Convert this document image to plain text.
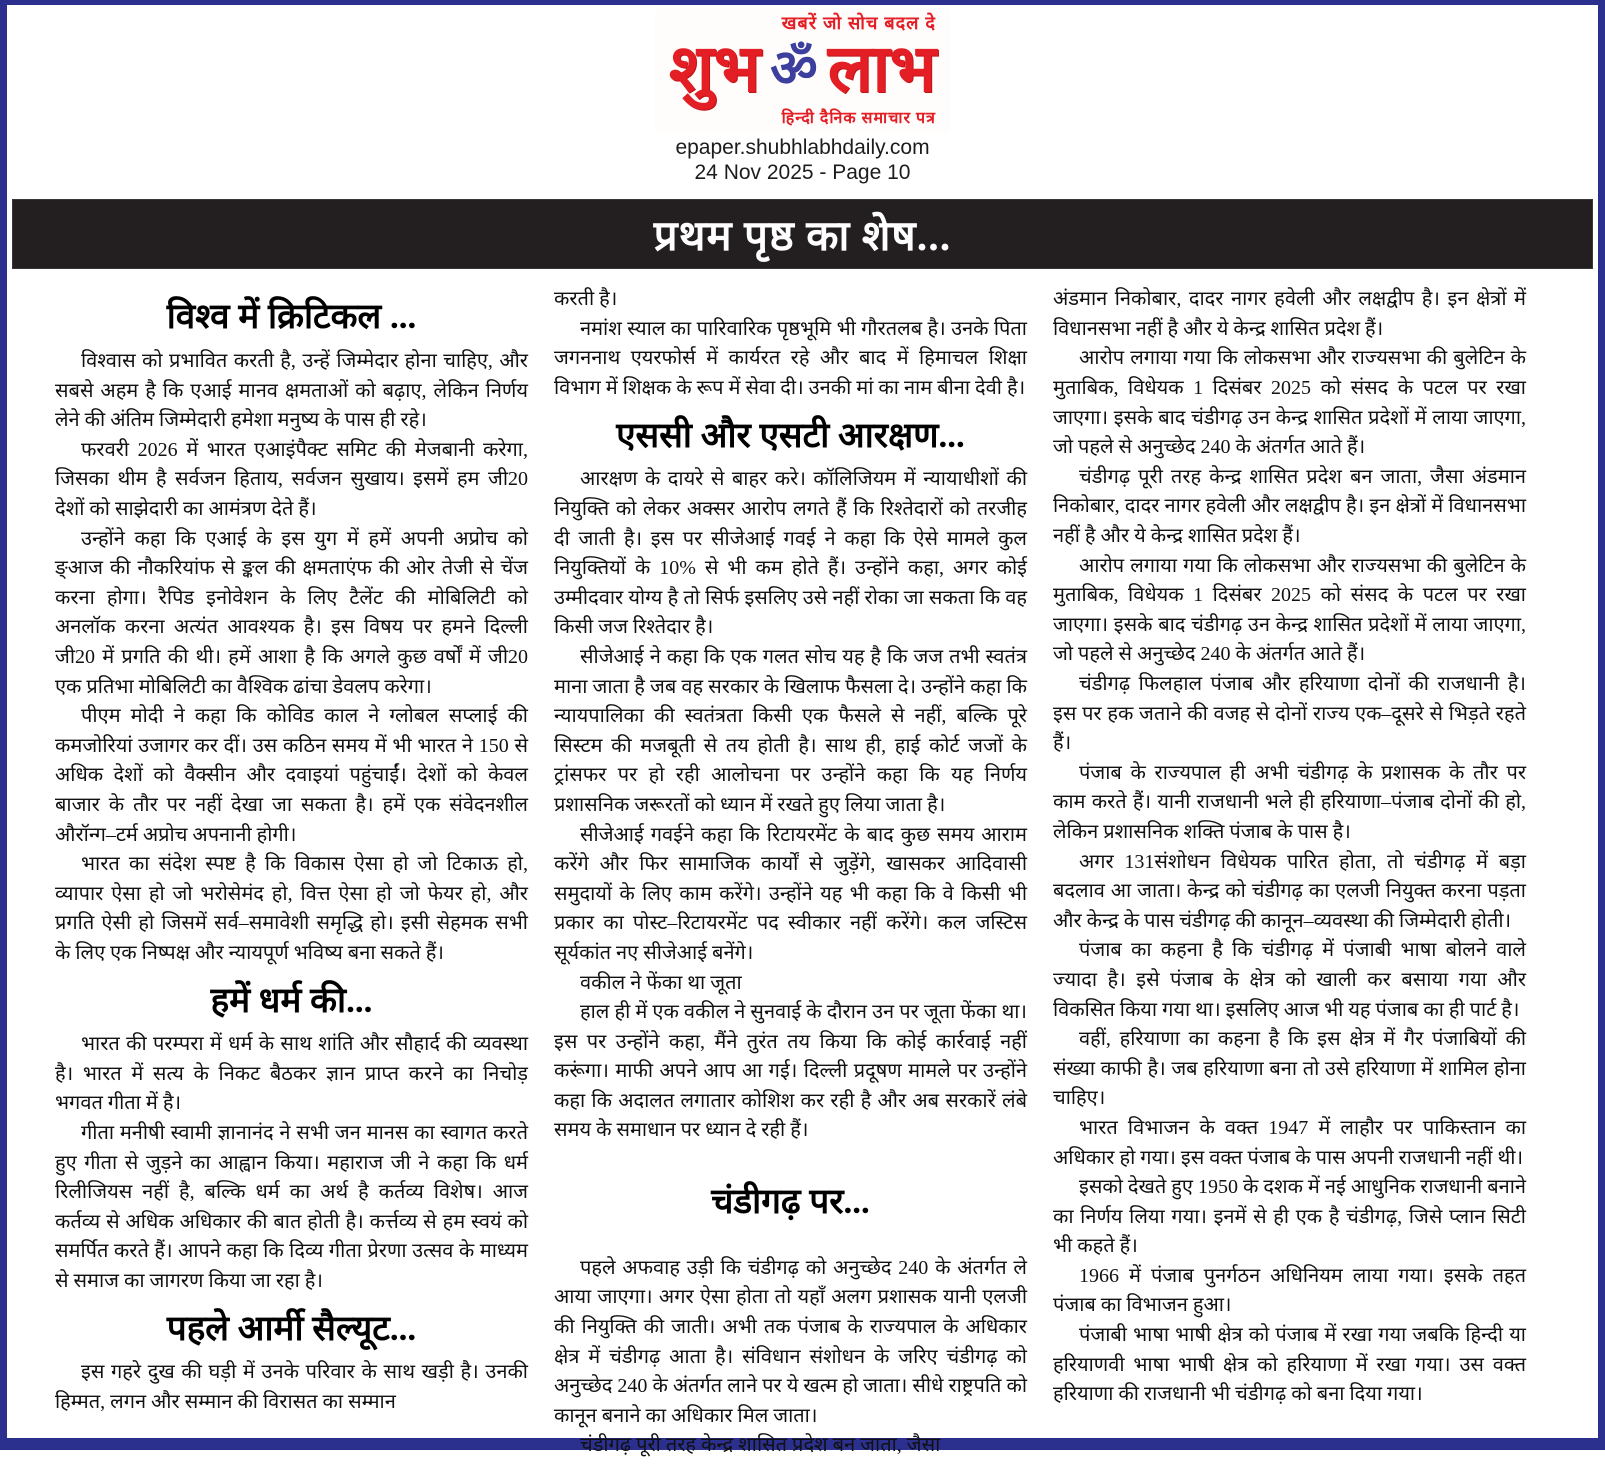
खबरें जो सोच बदल दे
शुभ ॐ लाभ
हिन्दी दैनिक समाचार पत्र
epaper.shubhlabhdaily.com
24 Nov 2025 - Page 10
प्रथम पृष्ठ का शेष...
विश्व में क्रिटिकल ...
विश्वास को प्रभावित करती है, उन्हें जिम्मेदार होना चाहिए, और सबसे अहम है कि एआई मानव क्षमताओं को बढ़ाए, लेकिन निर्णय लेने की अंतिम जिम्मेदारी हमेशा मनुष्य के पास ही रहे।
फरवरी 2026 में भारत एआइंपैक्ट समिट की मेजबानी करेगा, जिसका थीम है सर्वजन हिताय, सर्वजन सुखाय। इसमें हम जी20 देशों को साझेदारी का आमंत्रण देते हैं।
उन्होंने कहा कि एआई के इस युग में हमें अपनी अप्रोच को ङ्आज की नौकरियांफ से ङ्कल की क्षमताएंफ की ओर तेजी से चेंज करना होगा। रैपिड इनोवेशन के लिए टैलेंट की मोबिलिटी को अनलॉक करना अत्यंत आवश्यक है। इस विषय पर हमने दिल्ली जी20 में प्रगति की थी। हमें आशा है कि अगले कुछ वर्षों में जी20 एक प्रतिभा मोबिलिटी का वैश्विक ढांचा डेवलप करेगा।
पीएम मोदी ने कहा कि कोविड काल ने ग्लोबल सप्लाई की कमजोरियां उजागर कर दीं। उस कठिन समय में भी भारत ने 150 से अधिक देशों को वैक्सीन और दवाइयां पहुंचाईं। देशों को केवल बाजार के तौर पर नहीं देखा जा सकता है। हमें एक संवेदनशील औरॉन्ग–टर्म अप्रोच अपनानी होगी।
भारत का संदेश स्पष्ट है कि विकास ऐसा हो जो टिकाऊ हो, व्यापार ऐसा हो जो भरोसेमंद हो, वित्त ऐसा हो जो फेयर हो, और प्रगति ऐसी हो जिसमें सर्व–समावेशी समृद्धि हो। इसी सेहमक सभी के लिए एक निष्पक्ष और न्यायपूर्ण भविष्य बना सकते हैं।
हमें धर्म की...
भारत की परम्परा में धर्म के साथ शांति और सौहार्द की व्यवस्था है। भारत में सत्य के निकट बैठकर ज्ञान प्राप्त करने का निचोड़ भगवत गीता में है।
गीता मनीषी स्वामी ज्ञानानंद ने सभी जन मानस का स्वागत करते हुए गीता से जुड़ने का आह्वान किया। महाराज जी ने कहा कि धर्म रिलीजियस नहीं है, बल्कि धर्म का अर्थ है कर्तव्य विशेष। आज कर्तव्य से अधिक अधिकार की बात होती है। कर्त्तव्य से हम स्वयं को समर्पित करते हैं। आपने कहा कि दिव्य गीता प्रेरणा उत्सव के माध्यम से समाज का जागरण किया जा रहा है।
पहले आर्मी सैल्यूट...
इस गहरे दुख की घड़ी में उनके परिवार के साथ खड़ी है। उनकी हिम्मत, लगन और सम्मान की विरासत का सम्मान
करती है।
नमांश स्याल का पारिवारिक पृष्ठभूमि भी गौरतलब है। उनके पिता जगननाथ एयरफोर्स में कार्यरत रहे और बाद में हिमाचल शिक्षा विभाग में शिक्षक के रूप में सेवा दी। उनकी मां का नाम बीना देवी है।
एससी और एसटी आरक्षण...
आरक्षण के दायरे से बाहर करे। कॉलिजियम में न्यायाधीशों की नियुक्ति को लेकर अक्सर आरोप लगते हैं कि रिश्तेदारों को तरजीह दी जाती है। इस पर सीजेआई गवई ने कहा कि ऐसे मामले कुल नियुक्तियों के 10% से भी कम होते हैं। उन्होंने कहा, अगर कोई उम्मीदवार योग्य है तो सिर्फ इसलिए उसे नहीं रोका जा सकता कि वह किसी जज रिश्तेदार है।
सीजेआई ने कहा कि एक गलत सोच यह है कि जज तभी स्वतंत्र माना जाता है जब वह सरकार के खिलाफ फैसला दे। उन्होंने कहा कि न्यायपालिका की स्वतंत्रता किसी एक फैसले से नहीं, बल्कि पूरे सिस्टम की मजबूती से तय होती है। साथ ही, हाई कोर्ट जजों के ट्रांसफर पर हो रही आलोचना पर उन्होंने कहा कि यह निर्णय प्रशासनिक जरूरतों को ध्यान में रखते हुए लिया जाता है।
सीजेआई गवईने कहा कि रिटायरमेंट के बाद कुछ समय आराम करेंगे और फिर सामाजिक कार्यों से जुड़ेंगे, खासकर आदिवासी समुदायों के लिए काम करेंगे। उन्होंने यह भी कहा कि वे किसी भी प्रकार का पोस्ट–रिटायरमेंट पद स्वीकार नहीं करेंगे। कल जस्टिस सूर्यकांत नए सीजेआई बनेंगे।
वकील ने फेंका था जूता
हाल ही में एक वकील ने सुनवाई के दौरान उन पर जूता फेंका था। इस पर उन्होंने कहा, मैंने तुरंत तय किया कि कोई कार्रवाई नहीं करूंगा। माफी अपने आप आ गई। दिल्ली प्रदूषण मामले पर उन्होंने कहा कि अदालत लगातार कोशिश कर रही है और अब सरकारें लंबे समय के समाधान पर ध्यान दे रही हैं।
चंडीगढ़ पर...
पहले अफवाह उड़ी कि चंडीगढ़ को अनुच्छेद 240 के अंतर्गत ले आया जाएगा। अगर ऐसा होता तो यहाँ अलग प्रशासक यानी एलजी की नियुक्ति की जाती। अभी तक पंजाब के राज्यपाल के अधिकार क्षेत्र में चंडीगढ़ आता है। संविधान संशोधन के जरिए चंडीगढ़ को अनुच्छेद 240 के अंतर्गत लाने पर ये खत्म हो जाता। सीधे राष्ट्रपति को कानून बनाने का अधिकार मिल जाता।
चंडीगढ़ पूरी तरह केन्द्र शासित प्रदेश बन जाता, जैसा
अंडमान निकोबार, दादर नागर हवेली और लक्षद्वीप है। इन क्षेत्रों में विधानसभा नहीं है और ये केन्द्र शासित प्रदेश हैं।
आरोप लगाया गया कि लोकसभा और राज्यसभा की बुलेटिन के मुताबिक, विधेयक 1 दिसंबर 2025 को संसद के पटल पर रखा जाएगा। इसके बाद चंडीगढ़ उन केन्द्र शासित प्रदेशों में लाया जाएगा, जो पहले से अनुच्छेद 240 के अंतर्गत आते हैं।
चंडीगढ़ पूरी तरह केन्द्र शासित प्रदेश बन जाता, जैसा अंडमान निकोबार, दादर नागर हवेली और लक्षद्वीप है। इन क्षेत्रों में विधानसभा नहीं है और ये केन्द्र शासित प्रदेश हैं।
आरोप लगाया गया कि लोकसभा और राज्यसभा की बुलेटिन के मुताबिक, विधेयक 1 दिसंबर 2025 को संसद के पटल पर रखा जाएगा। इसके बाद चंडीगढ़ उन केन्द्र शासित प्रदेशों में लाया जाएगा, जो पहले से अनुच्छेद 240 के अंतर्गत आते हैं।
चंडीगढ़ फिलहाल पंजाब और हरियाणा दोनों की राजधानी है। इस पर हक जताने की वजह से दोनों राज्य एक–दूसरे से भिड़ते रहते हैं।
पंजाब के राज्यपाल ही अभी चंडीगढ़ के प्रशासक के तौर पर काम करते हैं। यानी राजधानी भले ही हरियाणा–पंजाब दोनों की हो, लेकिन प्रशासनिक शक्ति पंजाब के पास है।
अगर 131संशोधन विधेयक पारित होता, तो चंडीगढ़ में बड़ा बदलाव आ जाता। केन्द्र को चंडीगढ़ का एलजी नियुक्त करना पड़ता और केन्द्र के पास चंडीगढ़ की कानून–व्यवस्था की जिम्मेदारी होती।
पंजाब का कहना है कि चंडीगढ़ में पंजाबी भाषा बोलने वाले ज्यादा है। इसे पंजाब के क्षेत्र को खाली कर बसाया गया और विकसित किया गया था। इसलिए आज भी यह पंजाब का ही पार्ट है।
वहीं, हरियाणा का कहना है कि इस क्षेत्र में गैर पंजाबियों की संख्या काफी है। जब हरियाणा बना तो उसे हरियाणा में शामिल होना चाहिए।
भारत विभाजन के वक्त 1947 में लाहौर पर पाकिस्तान का अधिकार हो गया। इस वक्त पंजाब के पास अपनी राजधानी नहीं थी।
इसको देखते हुए 1950 के दशक में नई आधुनिक राजधानी बनाने का निर्णय लिया गया। इनमें से ही एक है चंडीगढ़, जिसे प्लान सिटी भी कहते हैं।
1966 में पंजाब पुनर्गठन अधिनियम लाया गया। इसके तहत पंजाब का विभाजन हुआ।
पंजाबी भाषा भाषी क्षेत्र को पंजाब में रखा गया जबकि हिन्दी या हरियाणवी भाषा भाषी क्षेत्र को हरियाणा में रखा गया। उस वक्त हरियाणा की राजधानी भी चंडीगढ़ को बना दिया गया।
